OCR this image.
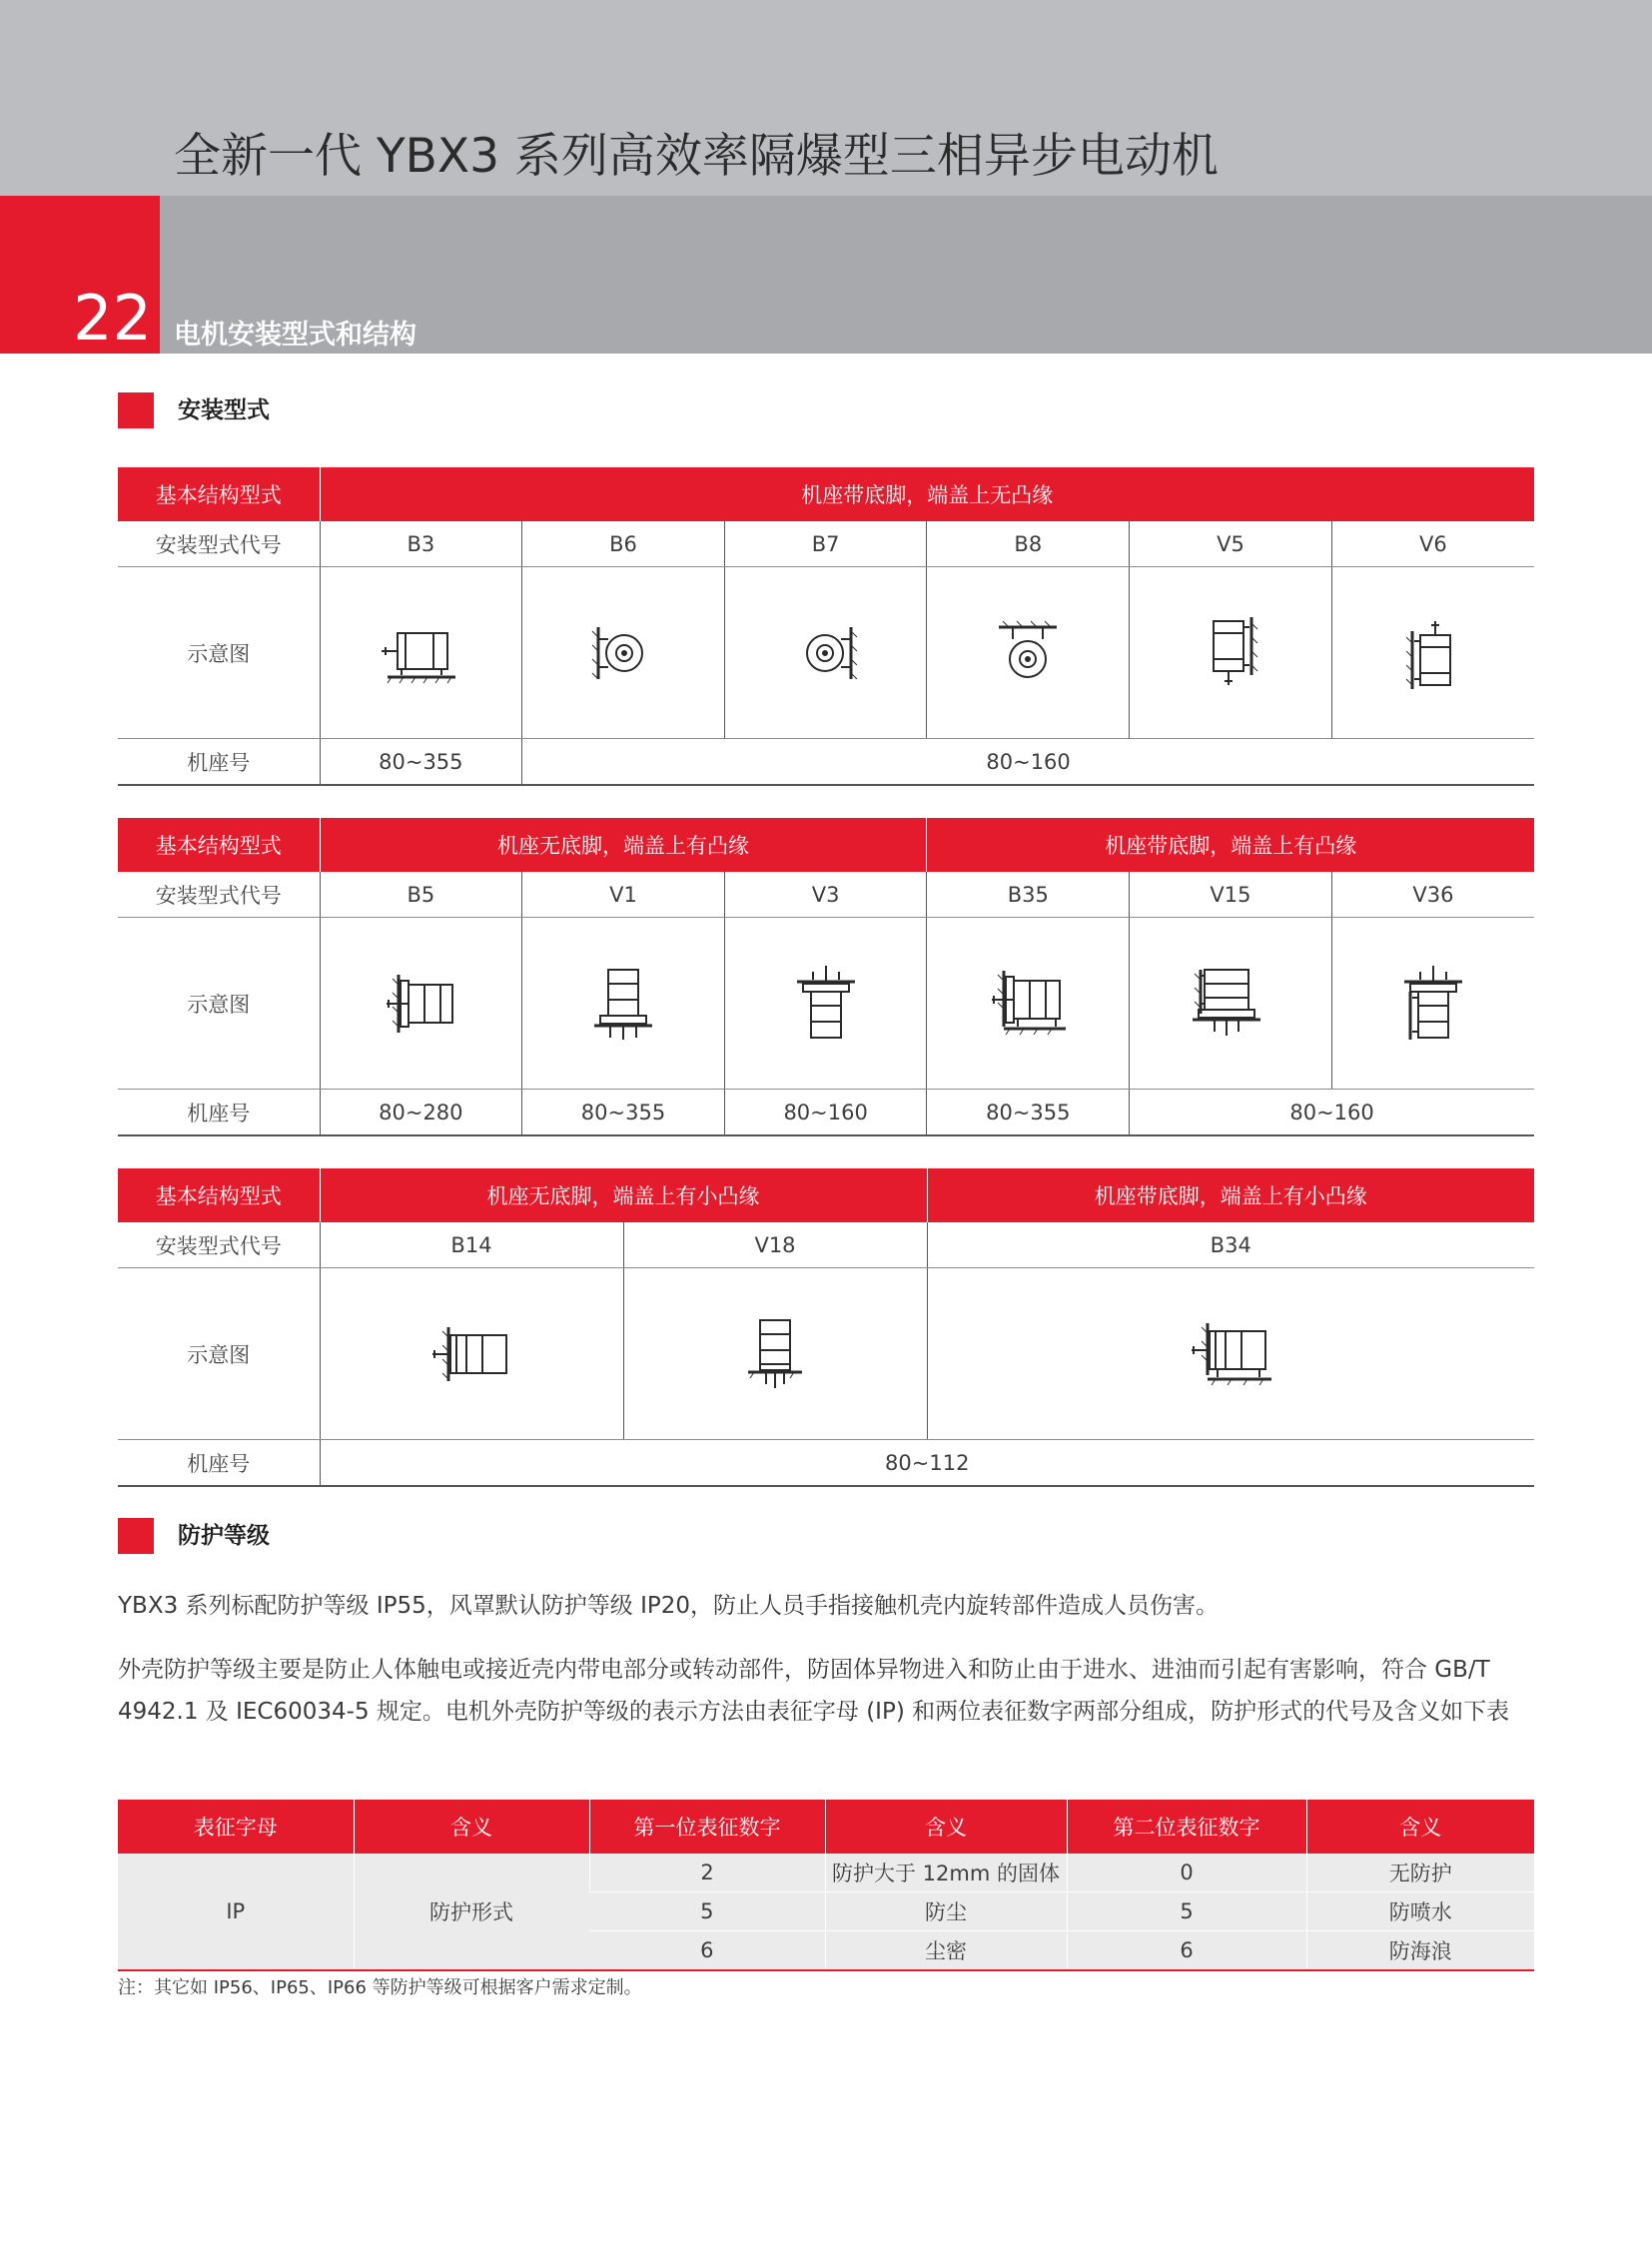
全新一代 YBX3 系列高效率隔爆型三相异步电动机
22 电机安装型式和结构
安装型式
基本结构型式	机座带底脚，端盖上无凸缘					
安装型式代号	B3	B6	B7	B8	V5	V6
示意图	

机座号	80~355	80~160				
基本结构型式	机座无底脚，端盖上有凸缘			机座带底脚，端盖上有凸缘		
安装型式代号	B5	V1	V3	B35	V15	V36
示意图	

机座号	80~280	80~355	80~160	80~355	80~160	
基本结构型式	机座无底脚，端盖上有小凸缘		机座带底脚，端盖上有小凸缘
安装型式代号	B14	V18	B34
示意图	

机座号	80~112		
防护等级
YBX3 系列标配防护等级 IP55，风罩默认防护等级 IP20，防止人员手指接触机壳内旋转部件造成人员伤害。
外壳防护等级主要是防止人体触电或接近壳内带电部分或转动部件，防固体异物进入和防止由于进水、进油而引起有害影响，符合 GB/T 4942.1 及 IEC60034-5 规定。电机外壳防护等级的表示方法由表征字母 (IP) 和两位表征数字两部分组成，防护形式的代号及含义如下表
表征字母	含义	第一位表征数字	含义	第二位表征数字	含义
IP	防护形式	2	防护大于 12mm 的固体	0	无防护
		5	防尘	5	防喷水
		6	尘密	6	防海浪
注：其它如 IP56、IP65、IP66 等防护等级可根据客户需求定制。
